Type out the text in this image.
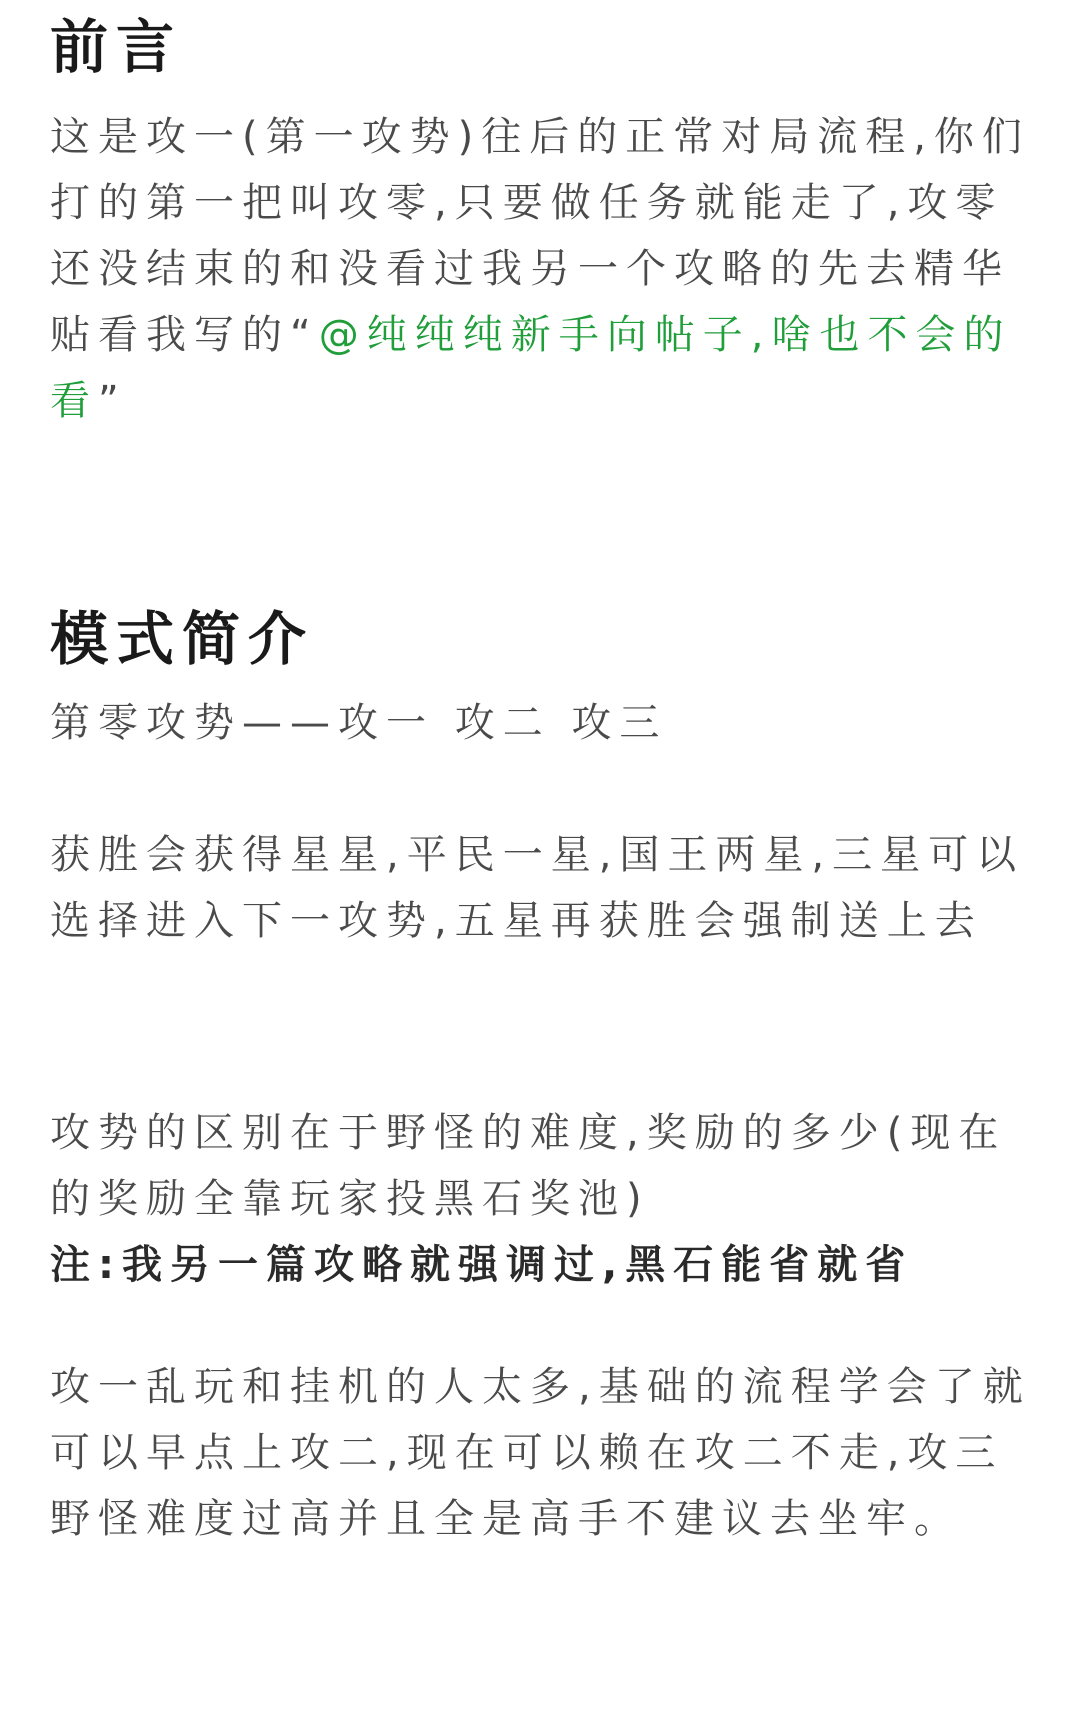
前言

这是攻一(第一攻势)往后的正常对局流程,你们打的第一把叫攻零,只要做任务就能走了,攻零还没结束的和没看过我另一个攻略的先去精华贴看我写的“@纯纯纯新手向帖子,啥也不会的看”

模式简介

第零攻势——攻一 攻二 攻三

获胜会获得星星,平民一星,国王两星,三星可以选择进入下一攻势,五星再获胜会强制送上去

攻势的区别在于野怪的难度,奖励的多少(现在的奖励全靠玩家投黑石奖池)

注:我另一篇攻略就强调过,黑石能省就省

攻一乱玩和挂机的人太多,基础的流程学会了就可以早点上攻二,现在可以赖在攻二不走,攻三野怪难度过高并且全是高手不建议去坐牢。
